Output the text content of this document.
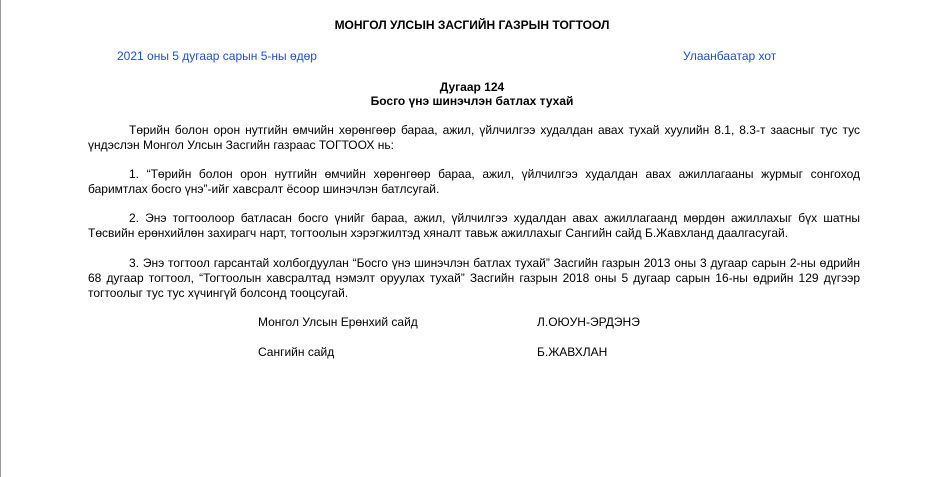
МОНГОЛ УЛСЫН ЗАСГИЙН ГАЗРЫН ТОГТООЛ
2021 оны 5 дугаар сарын 5-ны өдөр	Улаанбаатар хот
Дугаар 124
Босго үнэ шинэчлэн батлах тухай

Төрийн болон орон нутгийн өмчийн хөрөнгөөр бараа, ажил, үйлчилгээ худалдан авах тухай хуулийн 8.1, 8.3-т заасныг тус тус үндэслэн Монгол Улсын Засгийн газраас ТОГТООХ нь:

1. “Төрийн болон орон нутгийн өмчийн хөрөнгөөр бараа, ажил, үйлчилгээ худалдан авах ажиллагааны журмыг сонгоход баримтлах босго үнэ”-ийг хавсралт ёсоор шинэчлэн батлсугай.

2. Энэ тогтоолоор батласан босго үнийг бараа, ажил, үйлчилгээ худалдан авах ажиллагаанд мөрдөн ажиллахыг бүх шатны Төсвийн ерөнхийлөн захирагч нарт, тогтоолын хэрэгжилтэд хяналт тавьж ажиллахыг Сангийн сайд Б.Жавхланд даалгасугай.

3. Энэ тогтоол гарсантай холбогдуулан “Босго үнэ шинэчлэн батлах тухай” Засгийн газрын 2013 оны 3 дугаар сарын 2-ны өдрийн 68 дугаар тогтоол, “Тогтоолын хавсралтад нэмэлт оруулах тухай” Засгийн газрын 2018 оны 5 дугаар сарын 16-ны өдрийн 129 дүгээр тогтоолыг тус тус хүчингүй болсонд тооцсугай.

Монгол Улсын Ерөнхий сайд	Л.ОЮУН-ЭРДЭНЭ
Сангийн сайд	Б.ЖАВХЛАН
